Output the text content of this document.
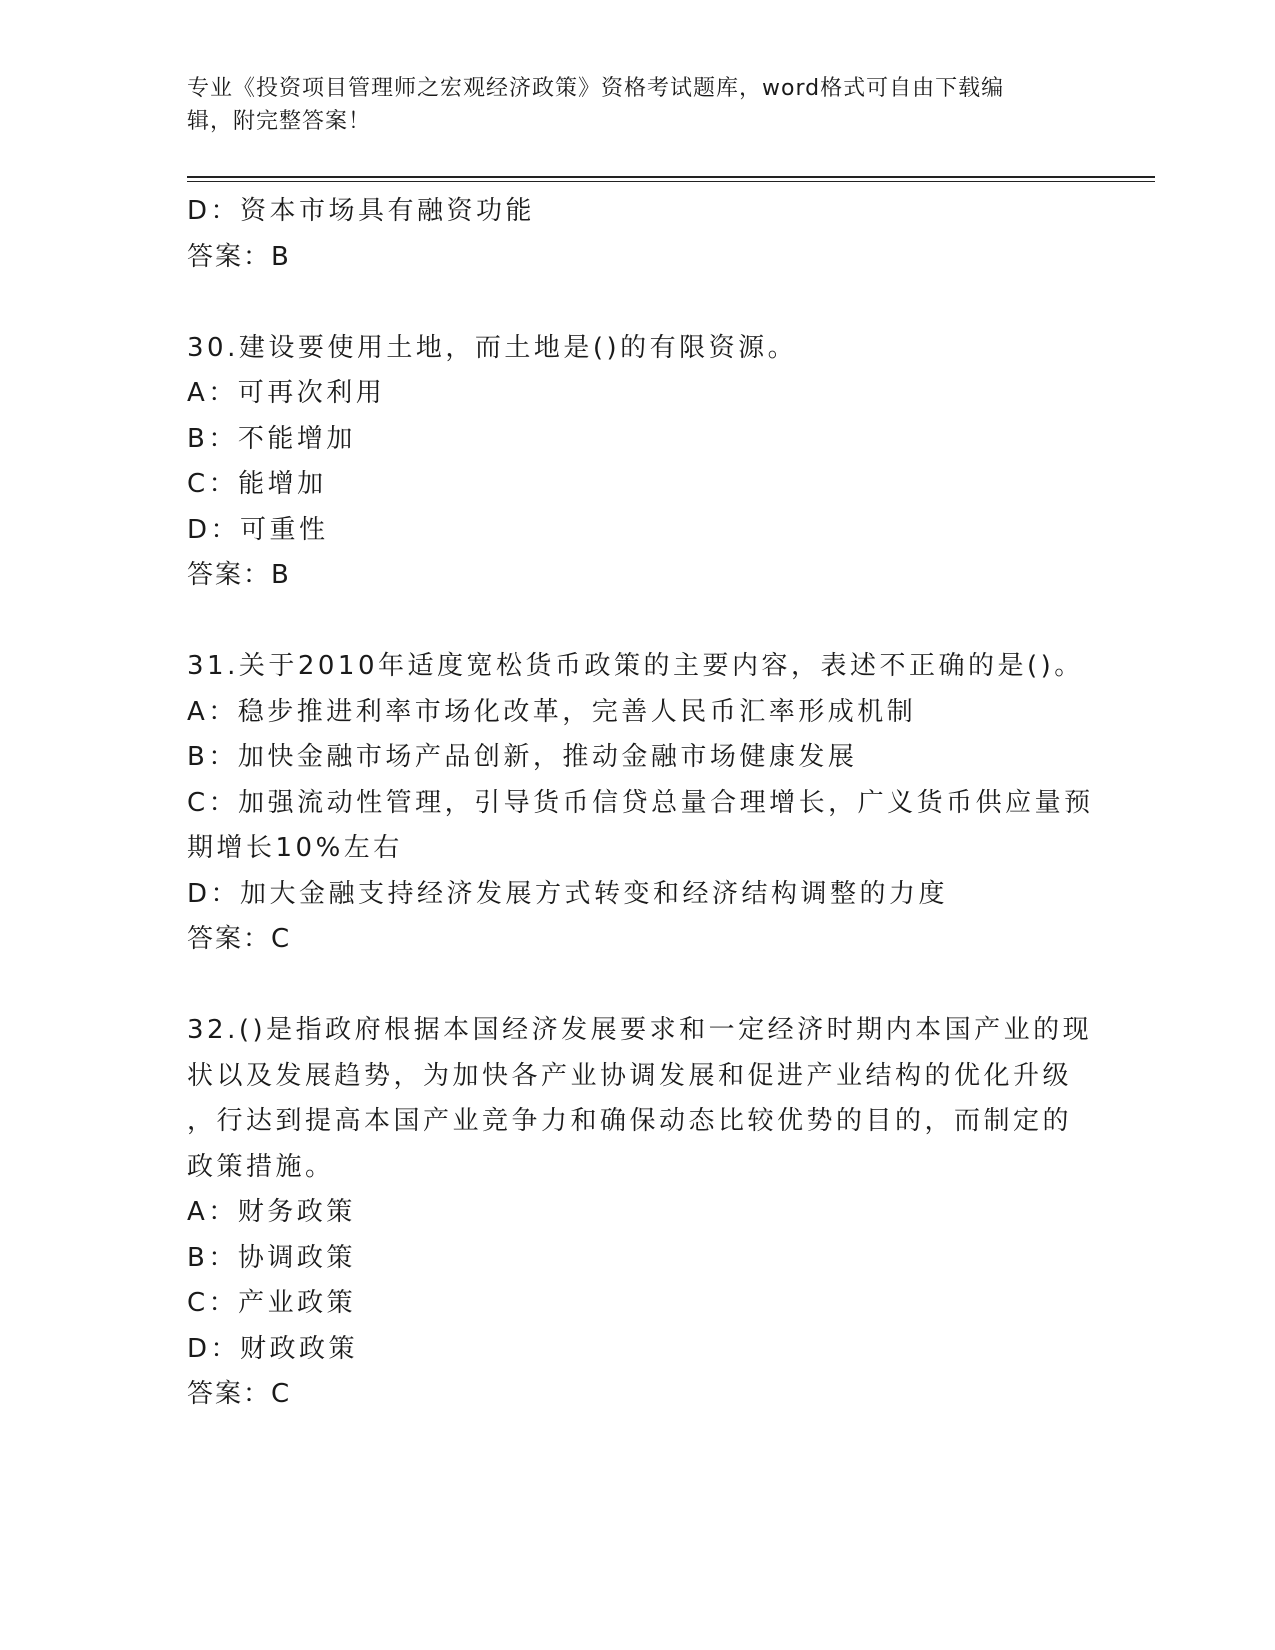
专业《投资项目管理师之宏观经济政策》资格考试题库，word格式可自由下载编
辑，附完整答案！
D：资本市场具有融资功能
答案：B
30.建设要使用土地，而土地是()的有限资源。
A：可再次利用
B：不能增加
C：能增加
D：可重性
答案：B
31.关于2010年适度宽松货币政策的主要内容，表述不正确的是()。
A：稳步推进利率市场化改革，完善人民币汇率形成机制
B：加快金融市场产品创新，推动金融市场健康发展
C：加强流动性管理，引导货币信贷总量合理增长，广义货币供应量预
期增长10%左右
D：加大金融支持经济发展方式转变和经济结构调整的力度
答案：C
32.()是指政府根据本国经济发展要求和一定经济时期内本国产业的现
状以及发展趋势，为加快各产业协调发展和促进产业结构的优化升级
，行达到提高本国产业竞争力和确保动态比较优势的目的，而制定的
政策措施。
A：财务政策
B：协调政策
C：产业政策
D：财政政策
答案：C
